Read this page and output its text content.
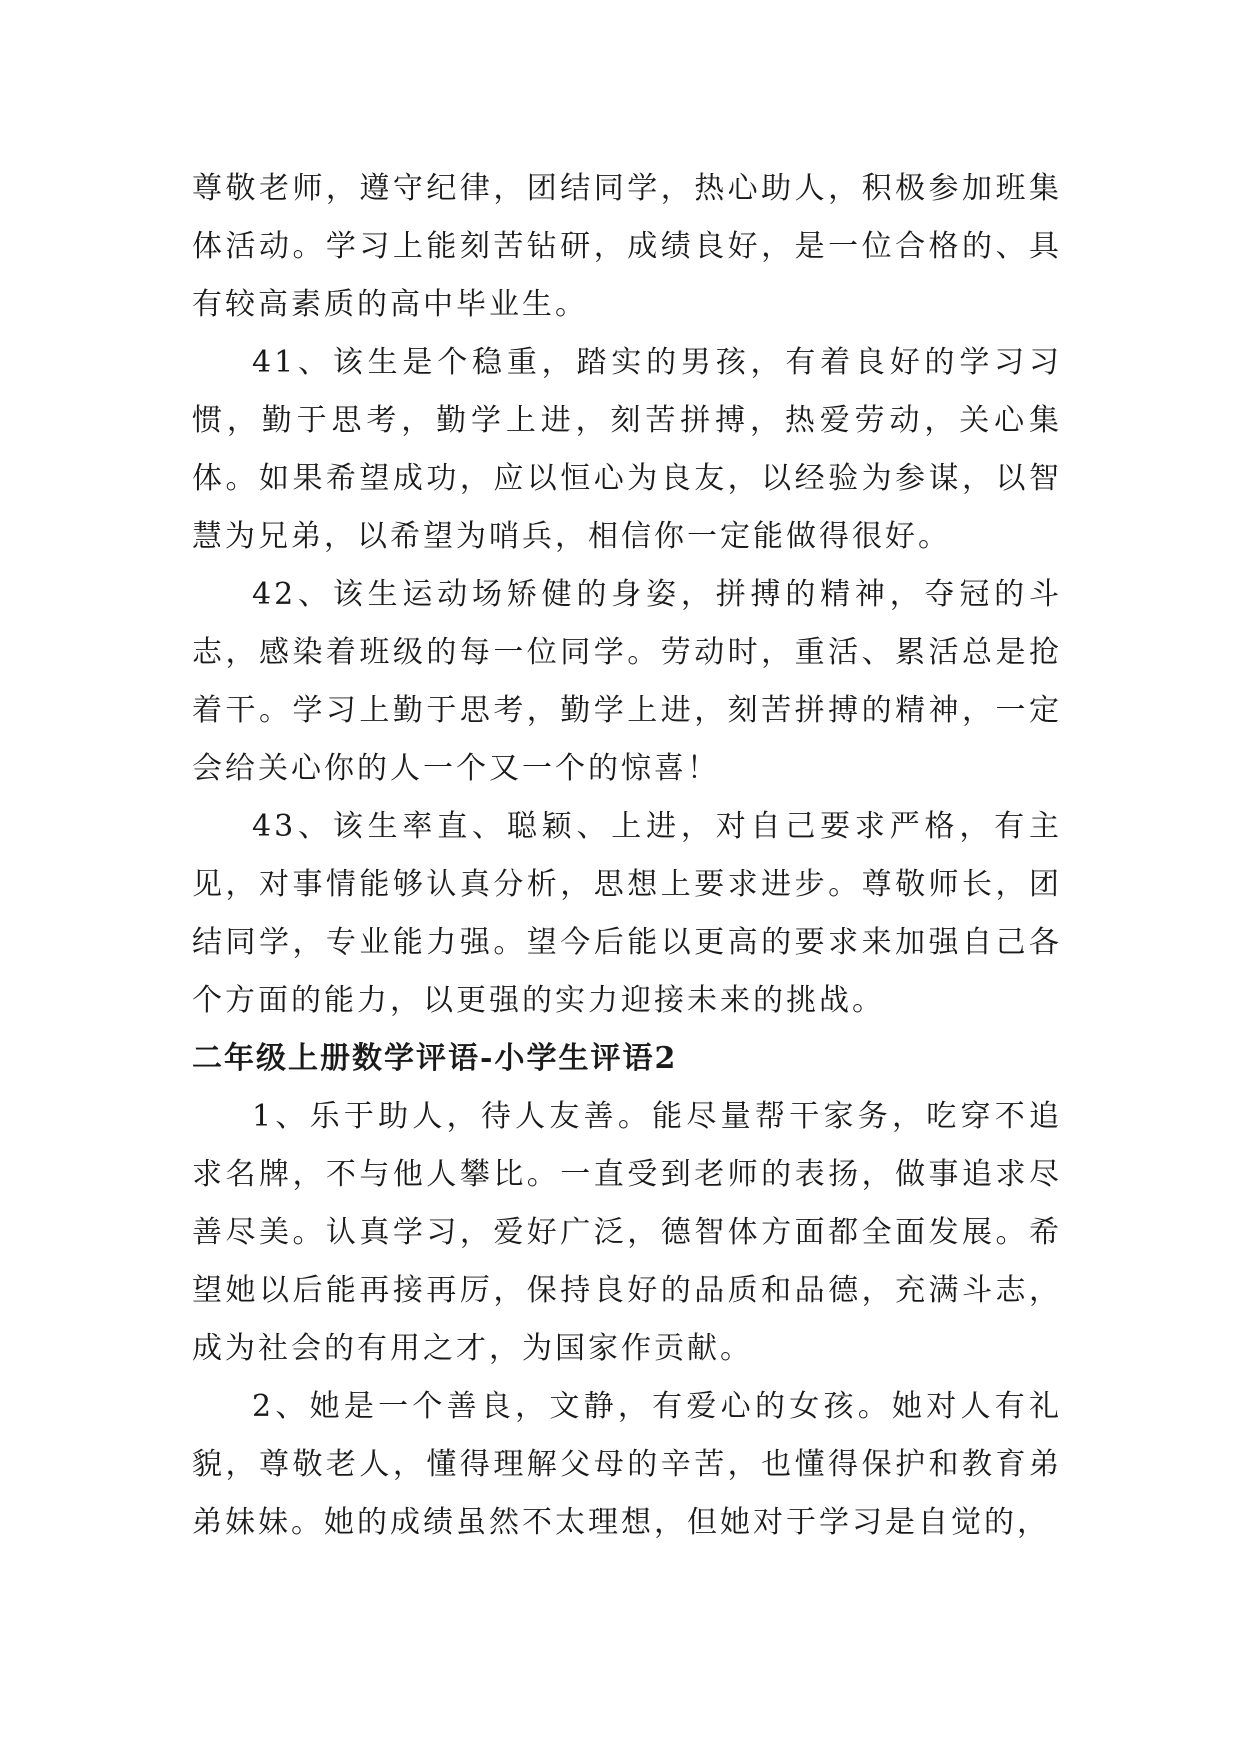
尊敬老师，遵守纪律，团结同学，热心助人，积极参加班集体活动。学习上能刻苦钻研，成绩良好，是一位合格的、具有较高素质的高中毕业生。

41、该生是个稳重，踏实的男孩，有着良好的学习习惯，勤于思考，勤学上进，刻苦拼搏，热爱劳动，关心集体。如果希望成功，应以恒心为良友，以经验为参谋，以智慧为兄弟，以希望为哨兵，相信你一定能做得很好。

42、该生运动场矫健的身姿，拼搏的精神，夺冠的斗志，感染着班级的每一位同学。劳动时，重活、累活总是抢着干。学习上勤于思考，勤学上进，刻苦拼搏的精神，一定会给关心你的人一个又一个的惊喜！

43、该生率直、聪颖、上进，对自己要求严格，有主见，对事情能够认真分析，思想上要求进步。尊敬师长，团结同学，专业能力强。望今后能以更高的要求来加强自己各个方面的能力，以更强的实力迎接未来的挑战。

二年级上册数学评语-小学生评语2

1、乐于助人，待人友善。能尽量帮干家务，吃穿不追求名牌，不与他人攀比。一直受到老师的表扬，做事追求尽善尽美。认真学习，爱好广泛，德智体方面都全面发展。希望她以后能再接再厉，保持良好的品质和品德，充满斗志，成为社会的有用之才，为国家作贡献。

2、她是一个善良，文静，有爱心的女孩。她对人有礼貌，尊敬老人，懂得理解父母的辛苦，也懂得保护和教育弟弟妹妹。她的成绩虽然不太理想，但她对于学习是自觉的，
